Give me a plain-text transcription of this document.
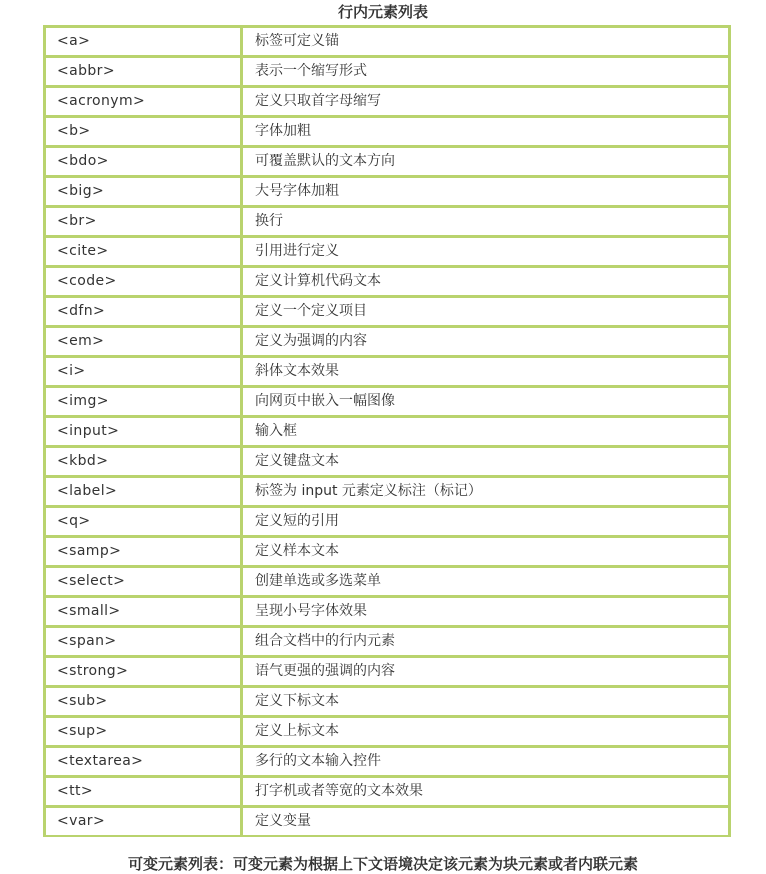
行内元素列表
<a>	标签可定义锚
<abbr>	表示一个缩写形式
<acronym>	定义只取首字母缩写
<b>	字体加粗
<bdo>	可覆盖默认的文本方向
<big>	大号字体加粗
<br>	换行
<cite>	引用进行定义
<code>	定义计算机代码文本
<dfn>	定义一个定义项目
<em>	定义为强调的内容
<i>	斜体文本效果
<img>	向网页中嵌入一幅图像
<input>	输入框
<kbd>	定义键盘文本
<label>	标签为 input 元素定义标注（标记）
<q>	定义短的引用
<samp>	定义样本文本
<select>	创建单选或多选菜单
<small>	呈现小号字体效果
<span>	组合文档中的行内元素
<strong>	语气更强的强调的内容
<sub>	定义下标文本
<sup>	定义上标文本
<textarea>	多行的文本输入控件
<tt>	打字机或者等宽的文本效果
<var>	定义变量
可变元素列表：可变元素为根据上下文语境决定该元素为块元素或者内联元素
